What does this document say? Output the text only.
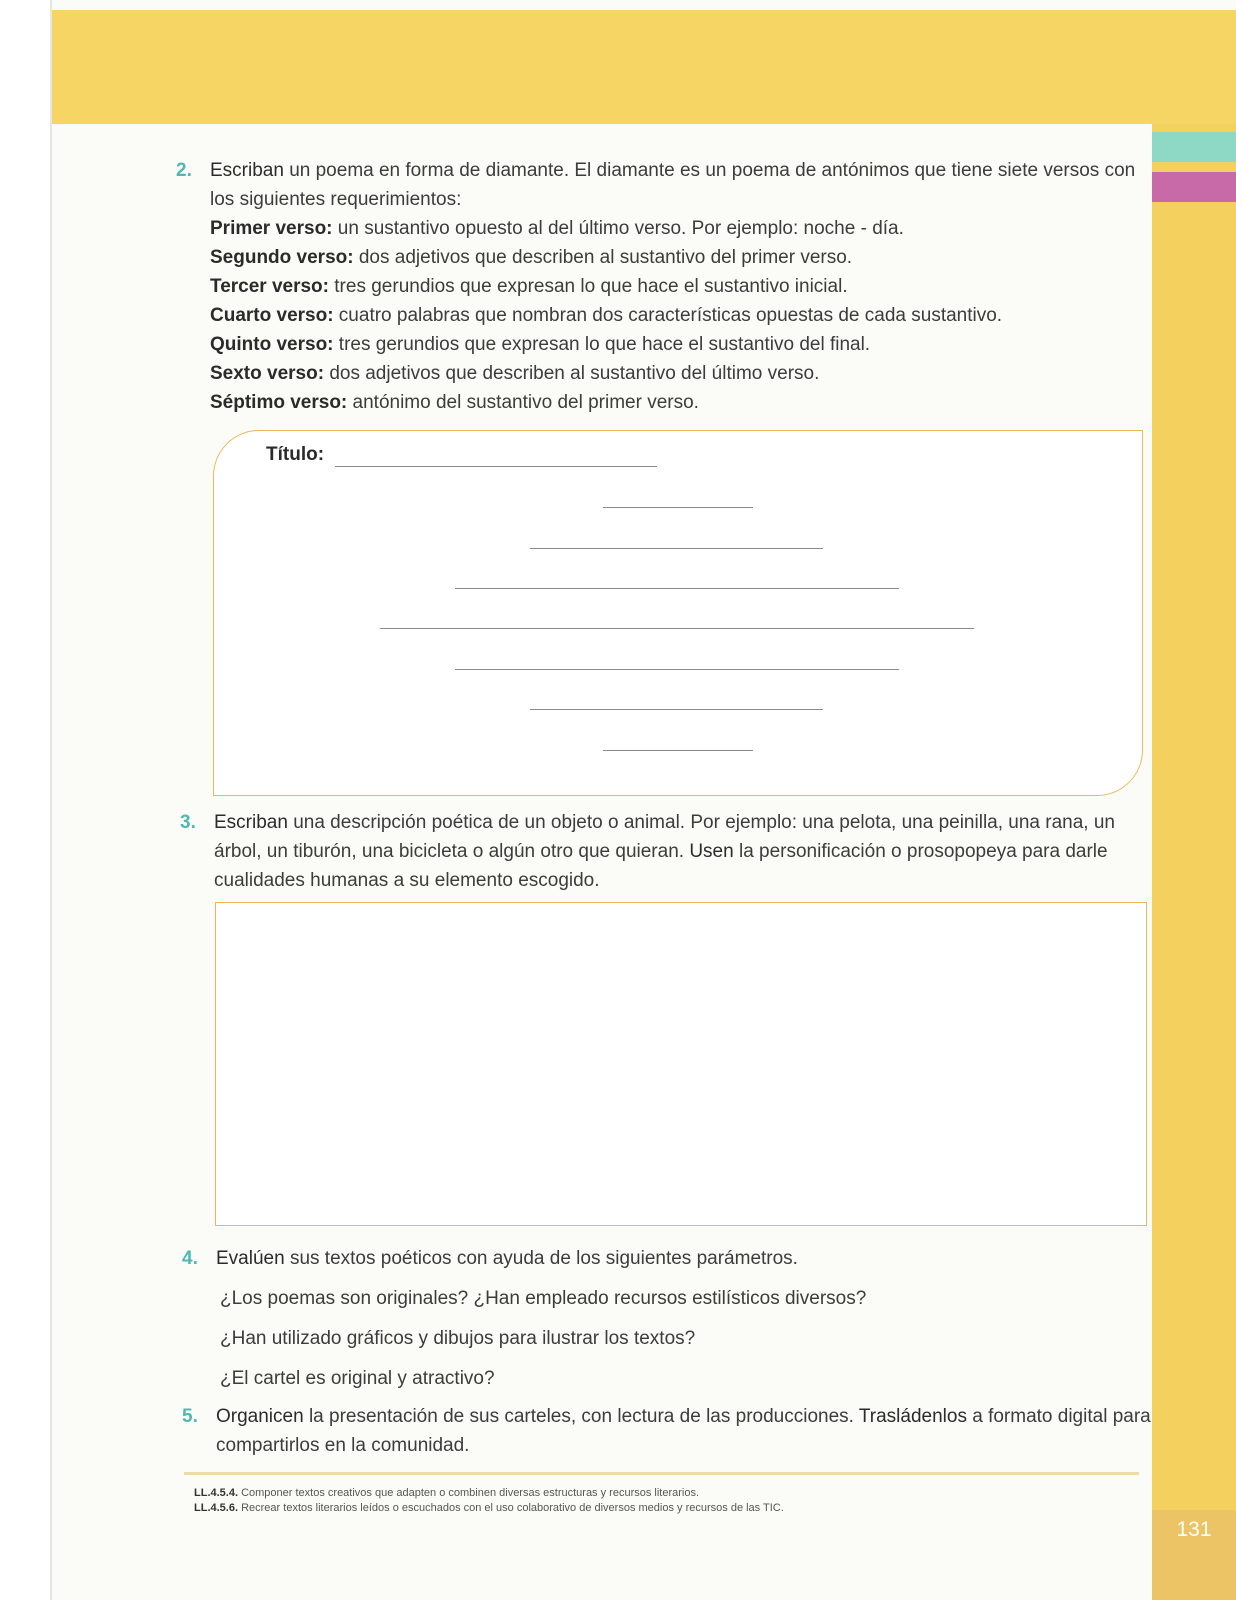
131
2. Escriban un poema en forma de diamante. El diamante es un poema de antónimos que tiene siete versos con los siguientes requerimientos:

Primer verso: un sustantivo opuesto al del último verso. Por ejemplo: noche - día.

Segundo verso: dos adjetivos que describen al sustantivo del primer verso.

Tercer verso: tres gerundios que expresan lo que hace el sustantivo inicial.

Cuarto verso: cuatro palabras que nombran dos características opuestas de cada sustantivo.

Quinto verso: tres gerundios que expresan lo que hace el sustantivo del final.

Sexto verso: dos adjetivos que describen al sustantivo del último verso.

Séptimo verso: antónimo del sustantivo del primer verso.

Título:
3. Escriban una descripción poética de un objeto o animal. Por ejemplo: una pelota, una peinilla, una rana, un árbol, un tiburón, una bicicleta o algún otro que quieran. Usen la personificación o prosopopeya para darle cualidades humanas a su elemento escogido.

4. Evalúen sus textos poéticos con ayuda de los siguientes parámetros.

¿Los poemas son originales? ¿Han empleado recursos estilísticos diversos?

¿Han utilizado gráficos y dibujos para ilustrar los textos?

¿El cartel es original y atractivo?

5. Organicen la presentación de sus carteles, con lectura de las producciones. Trasládenlos a formato digital para compartirlos en la comunidad.

LL.4.5.4. Componer textos creativos que adapten o combinen diversas estructuras y recursos literarios.
LL.4.5.6. Recrear textos literarios leídos o escuchados con el uso colaborativo de diversos medios y recursos de las TIC.
